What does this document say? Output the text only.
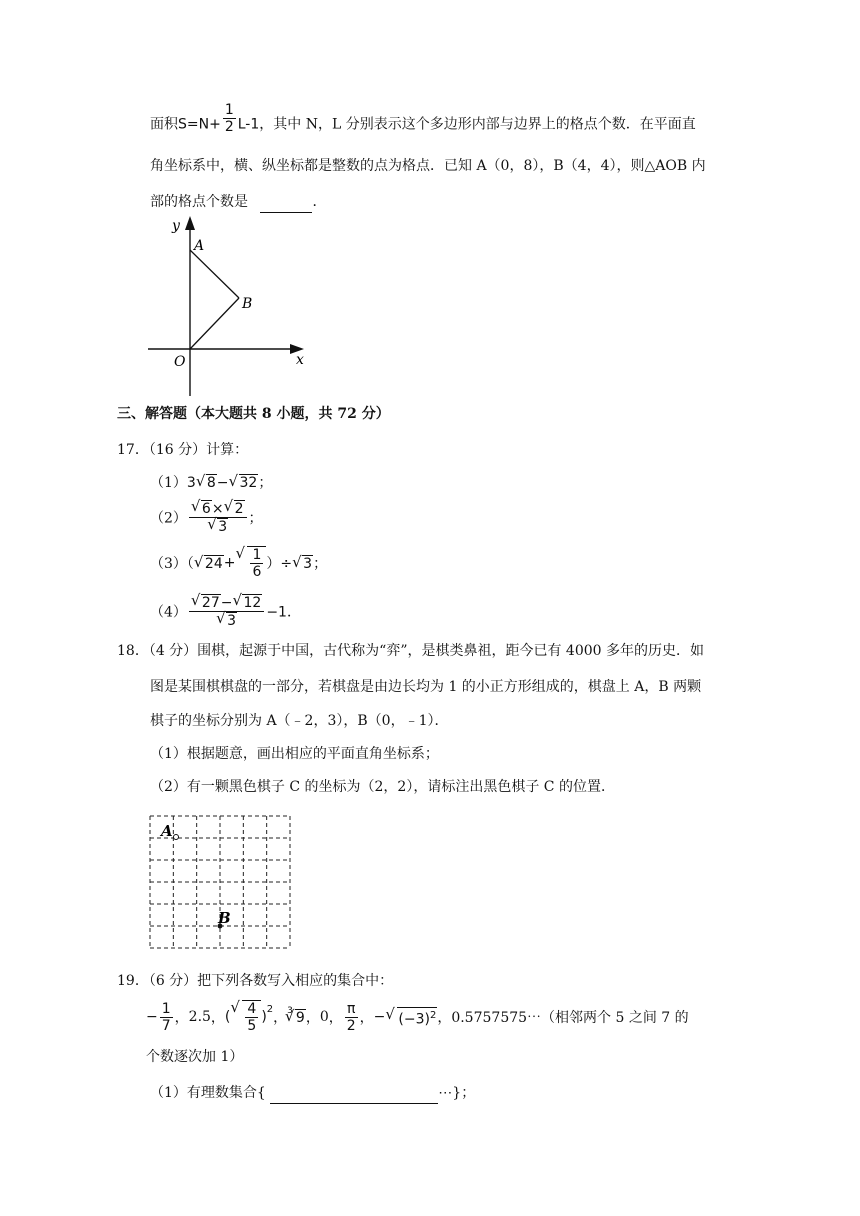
面积$S=N+ \frac{1}{2} L-1$，其中 N，L 分别表示这个多边形内部与边界上的格点个数．在平面直
角坐标系中，横、纵坐标都是整数的点为格点．已知 A（0，8），B（4，4），则△AOB 内
部的格点个数是	．
y
x
A
B
O
三、解答题（本大题共 8 小题，共 72 分）
17．（16 分）计算：
（1）3 √ 8− √ 32；
（2） √ 6× √ 2
√ 3 ；
（3）（ √ 24+ √ $\frac{1}{6}$ ）÷ √ 3；
（4） √ 27− √ 12
√ 3 −1．
18．（4 分）围棋，起源于中国，古代称为“弈”，是棋类鼻祖，距今已有 4000 多年的历史．如
图是某围棋棋盘的一部分，若棋盘是由边长均为 1 的小正方形组成的，棋盘上 A，B 两颗
棋子的坐标分别为 A（﹣2，3），B（0，﹣1）．
（1）根据题意，画出相应的平面直角坐标系；
（2）有一颗黑色棋子 C 的坐标为（2，2），请标注出黑色棋子 C 的位置．
A
B
19．（6 分）把下列各数写入相应的集合中：
− $\frac{1}{7}$ ，2.5，( √ $\frac{4}{5} )^2$，$^3$ √ 9，0， $\frac{\pi}{2}$ ，− √ $(-3)^2$，0.5757575⋯（相邻两个 5 之间 7 的
个数逐次加 1）
（1）有理数集合{	⋯}；
